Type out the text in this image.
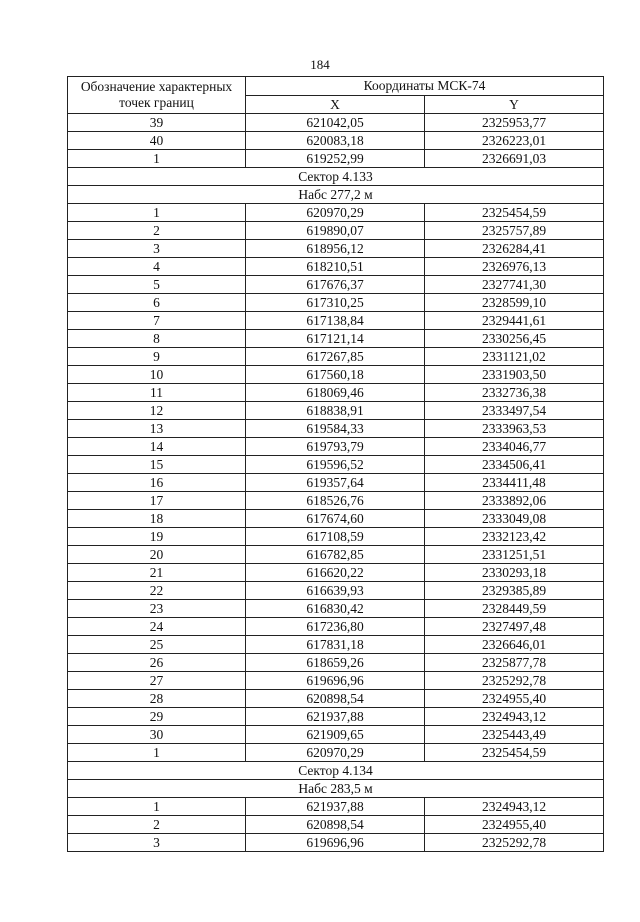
184
Обозначение характерных точек границ	Координаты МСК-74	
	X	Y
39	621042,05	2325953,77
40	620083,18	2326223,01
1	619252,99	2326691,03
Сектор 4.133		
Набс 277,2 м		
1	620970,29	2325454,59
2	619890,07	2325757,89
3	618956,12	2326284,41
4	618210,51	2326976,13
5	617676,37	2327741,30
6	617310,25	2328599,10
7	617138,84	2329441,61
8	617121,14	2330256,45
9	617267,85	2331121,02
10	617560,18	2331903,50
11	618069,46	2332736,38
12	618838,91	2333497,54
13	619584,33	2333963,53
14	619793,79	2334046,77
15	619596,52	2334506,41
16	619357,64	2334411,48
17	618526,76	2333892,06
18	617674,60	2333049,08
19	617108,59	2332123,42
20	616782,85	2331251,51
21	616620,22	2330293,18
22	616639,93	2329385,89
23	616830,42	2328449,59
24	617236,80	2327497,48
25	617831,18	2326646,01
26	618659,26	2325877,78
27	619696,96	2325292,78
28	620898,54	2324955,40
29	621937,88	2324943,12
30	621909,65	2325443,49
1	620970,29	2325454,59
Сектор 4.134		
Набс 283,5 м		
1	621937,88	2324943,12
2	620898,54	2324955,40
3	619696,96	2325292,78
